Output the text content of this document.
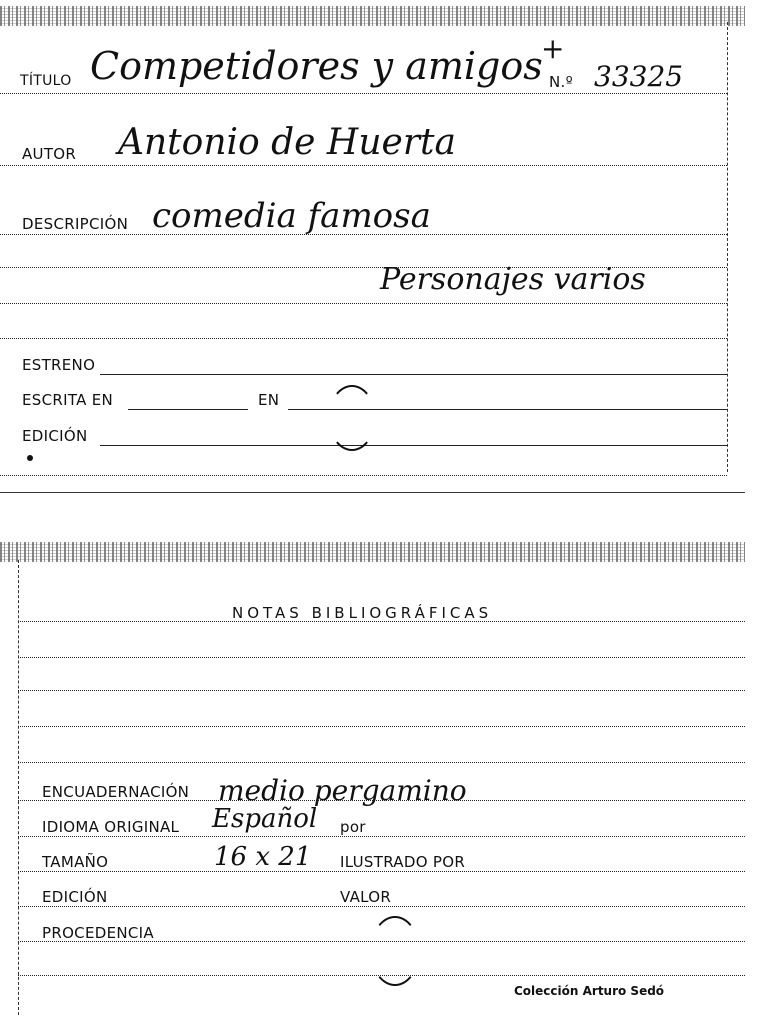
TÍTULO Competidores y amigos N.º
+
33325
AUTOR Antonio de Huerta
DESCRIPCIÓN comedia famosa
Personajes varios
ESTRENO
ESCRITA EN	EN
EDICIÓN
NOTAS BIBLIOGRÁFICAS
ENCUADERNACIÓN medio pergamino
IDIOMA ORIGINAL Español por
TAMAÑO	16 x 21 ILUSTRADO POR
EDICIÓN	VALOR
PROCEDENCIA
Colección Arturo Sedó
